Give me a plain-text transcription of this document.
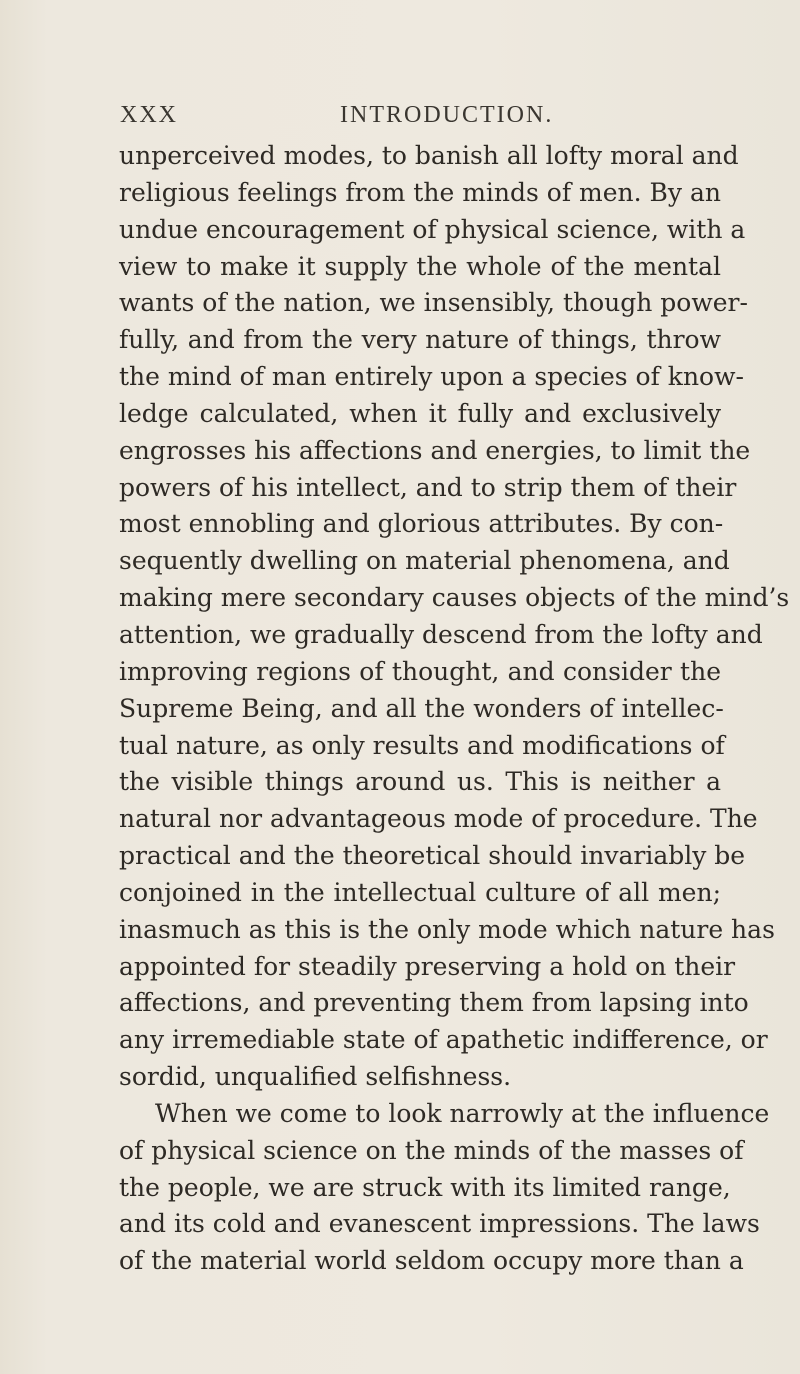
XXX	INTRODUCTION.
unperceived modes, to banish all lofty moral and
religious feelings from the minds of men. By an
undue encouragement of physical science, with a
view to make it supply the whole of the mental
wants of the nation, we insensibly, though power-
fully, and from the very nature of things, throw
the mind of man entirely upon a species of know-
ledge calculated, when it fully and exclusively
engrosses his affections and energies, to limit the
powers of his intellect, and to strip them of their
most ennobling and glorious attributes. By con-
sequently dwelling on material phenomena, and
making mere secondary causes objects of the mind’s
attention, we gradually descend from the lofty and
improving regions of thought, and consider the
Supreme Being, and all the wonders of intellec-
tual nature, as only results and modifications of
the visible things around us. This is neither a
natural nor advantageous mode of procedure. The
practical and the theoretical should invariably be
conjoined in the intellectual culture of all men;
inasmuch as this is the only mode which nature has
appointed for steadily preserving a hold on their
affections, and preventing them from lapsing into
any irremediable state of apathetic indifference, or
sordid, unqualified selfishness.
When we come to look narrowly at the influence
of physical science on the minds of the masses of
the people, we are struck with its limited range,
and its cold and evanescent impressions. The laws
of the material world seldom occupy more than a
